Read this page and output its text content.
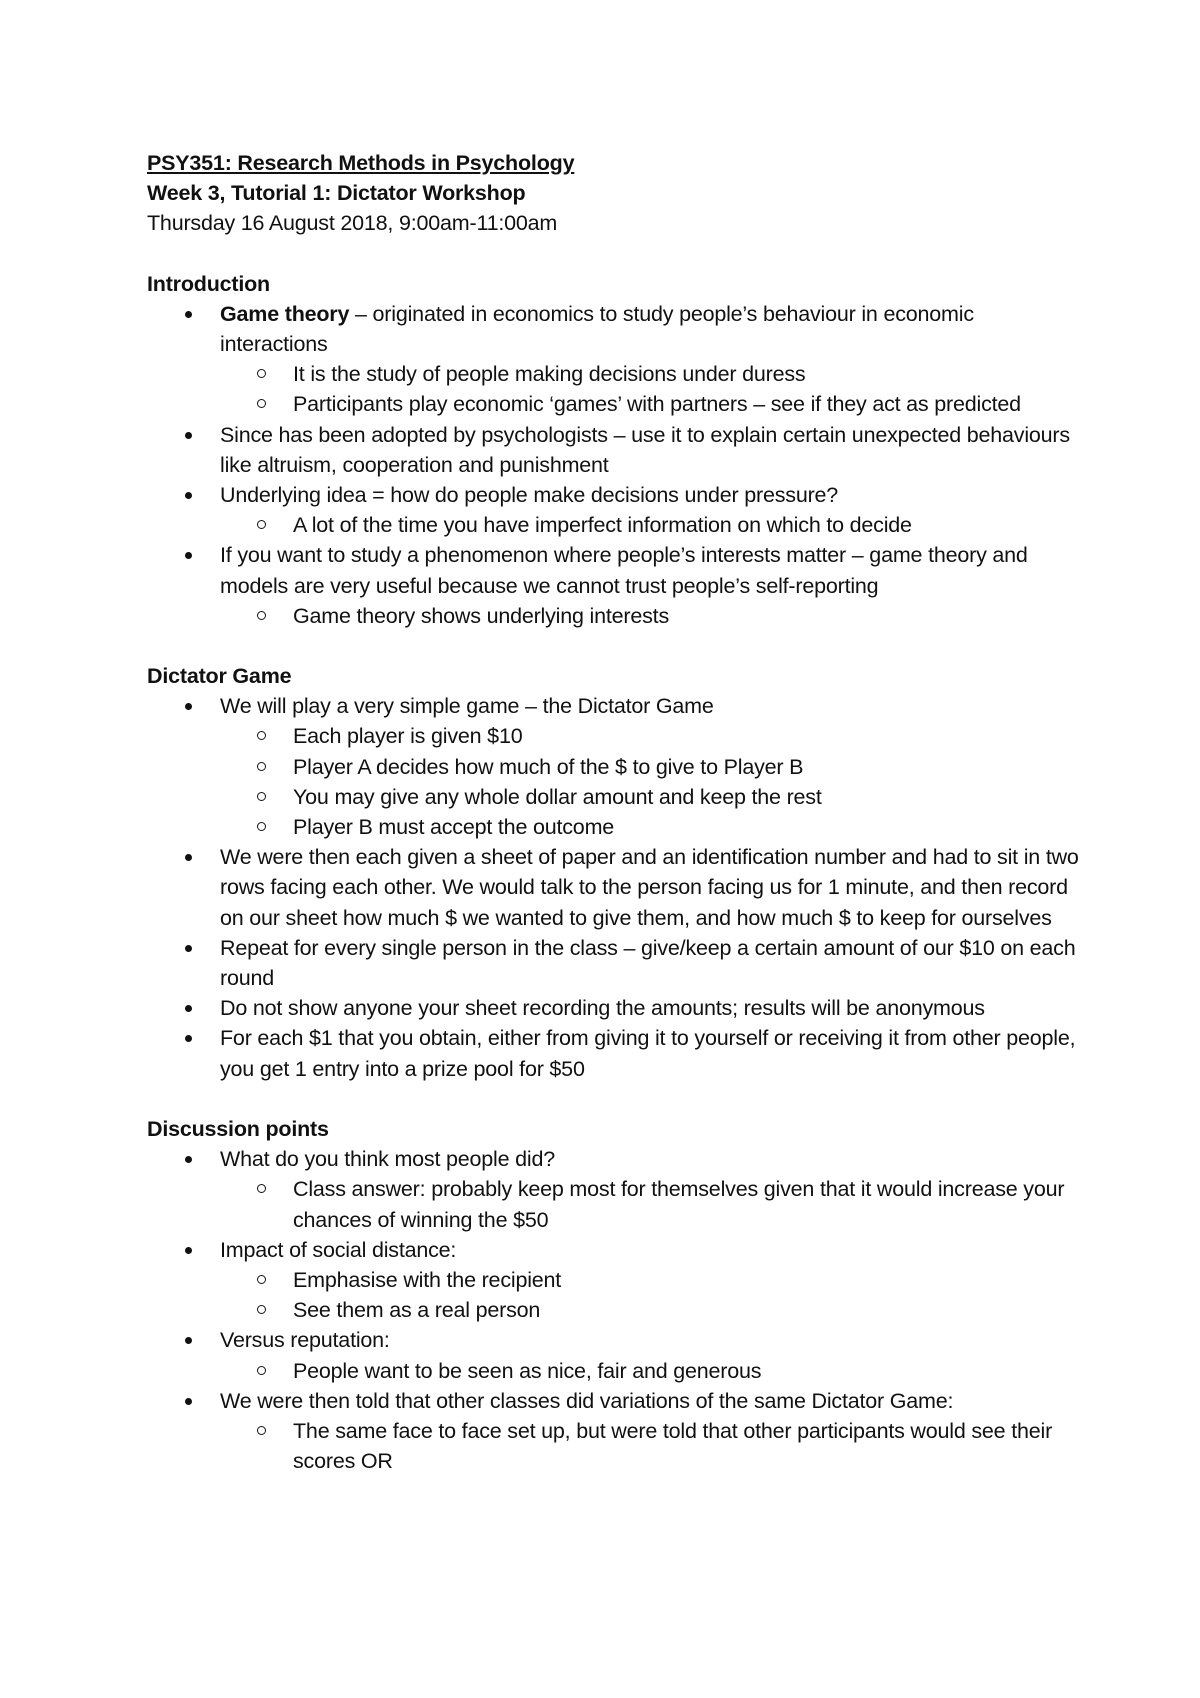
PSY351: Research Methods in Psychology
Week 3, Tutorial 1: Dictator Workshop
Thursday 16 August 2018, 9:00am-11:00am
Introduction
Game theory – originated in economics to study people’s behaviour in economic interactions
It is the study of people making decisions under duress
Participants play economic ‘games’ with partners – see if they act as predicted
Since has been adopted by psychologists – use it to explain certain unexpected behaviours like altruism, cooperation and punishment
Underlying idea = how do people make decisions under pressure?
A lot of the time you have imperfect information on which to decide
If you want to study a phenomenon where people’s interests matter – game theory and models are very useful because we cannot trust people’s self-reporting
Game theory shows underlying interests
Dictator Game
We will play a very simple game – the Dictator Game
Each player is given $10
Player A decides how much of the $ to give to Player B
You may give any whole dollar amount and keep the rest
Player B must accept the outcome
We were then each given a sheet of paper and an identification number and had to sit in two rows facing each other. We would talk to the person facing us for 1 minute, and then record on our sheet how much $ we wanted to give them, and how much $ to keep for ourselves
Repeat for every single person in the class – give/keep a certain amount of our $10 on each round
Do not show anyone your sheet recording the amounts; results will be anonymous
For each $1 that you obtain, either from giving it to yourself or receiving it from other people, you get 1 entry into a prize pool for $50
Discussion points
What do you think most people did?
Class answer: probably keep most for themselves given that it would increase your chances of winning the $50
Impact of social distance:
Emphasise with the recipient
See them as a real person
Versus reputation:
People want to be seen as nice, fair and generous
We were then told that other classes did variations of the same Dictator Game:
The same face to face set up, but were told that other participants would see their scores OR
